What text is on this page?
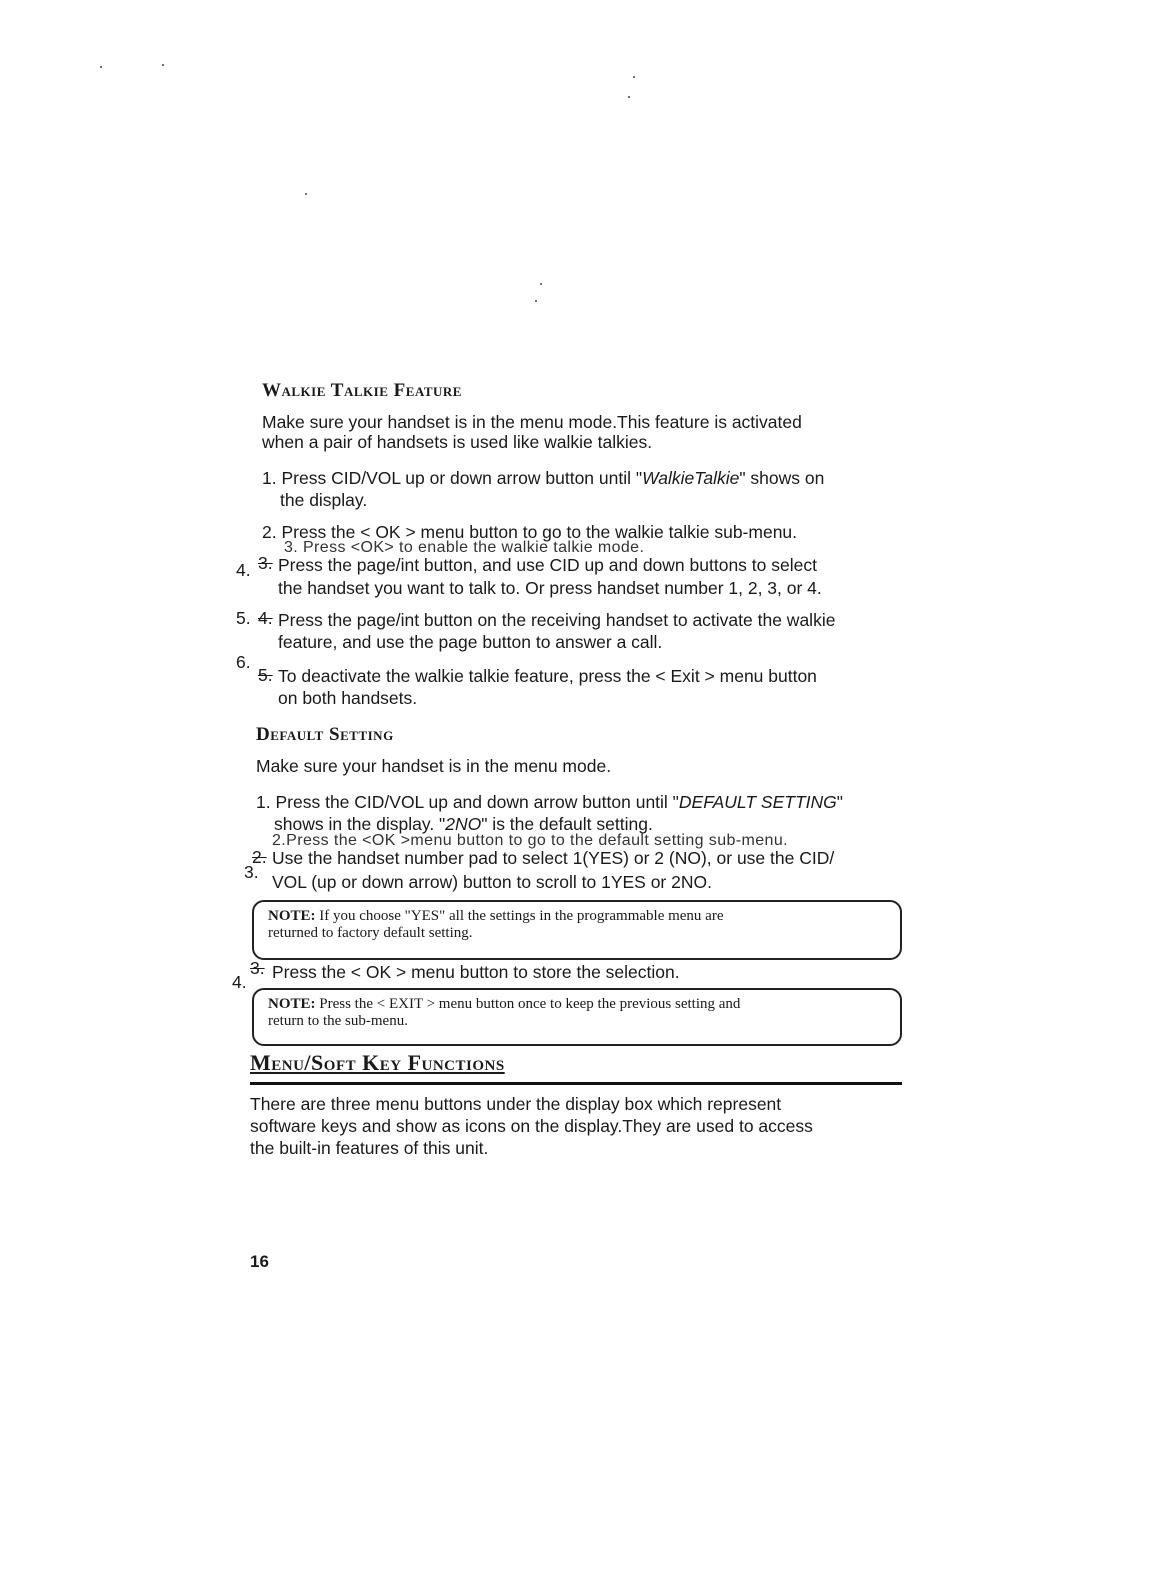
Walkie Talkie Feature
Make sure your handset is in the menu mode.This feature is activated
when a pair of handsets is used like walkie talkies.
1. Press CID/VOL up or down arrow button until "WalkieTalkie" shows on
the display.
2. Press the < OK > menu button to go to the walkie talkie sub-menu.
3. Press <OK> to enable the walkie talkie mode.
4. 3. Press the page/int button, and use CID up and down buttons to select
the handset you want to talk to. Or press handset number 1, 2, 3, or 4.
5. 4. Press the page/int button on the receiving handset to activate the walkie
feature, and use the page button to answer a call.
6.
5. To deactivate the walkie talkie feature, press the < Exit > menu button
on both handsets.
Default Setting
Make sure your handset is in the menu mode.
1. Press the CID/VOL up and down arrow button until "DEFAULT SETTING"
shows in the display. "2NO" is the default setting.
2.Press the <OK >menu button to go to the default setting sub-menu.
2. Use the handset number pad to select 1(YES) or 2 (NO), or use the CID/
3. VOL (up or down arrow) button to scroll to 1YES or 2NO.
NOTE: If you choose "YES" all the settings in the programmable menu are
returned to factory default setting.
3.
4. Press the < OK > menu button to store the selection.
NOTE: Press the < EXIT > menu button once to keep the previous setting and
return to the sub-menu.
Menu/Soft Key Functions
There are three menu buttons under the display box which represent
software keys and show as icons on the display.They are used to access
the built-in features of this unit.
16
